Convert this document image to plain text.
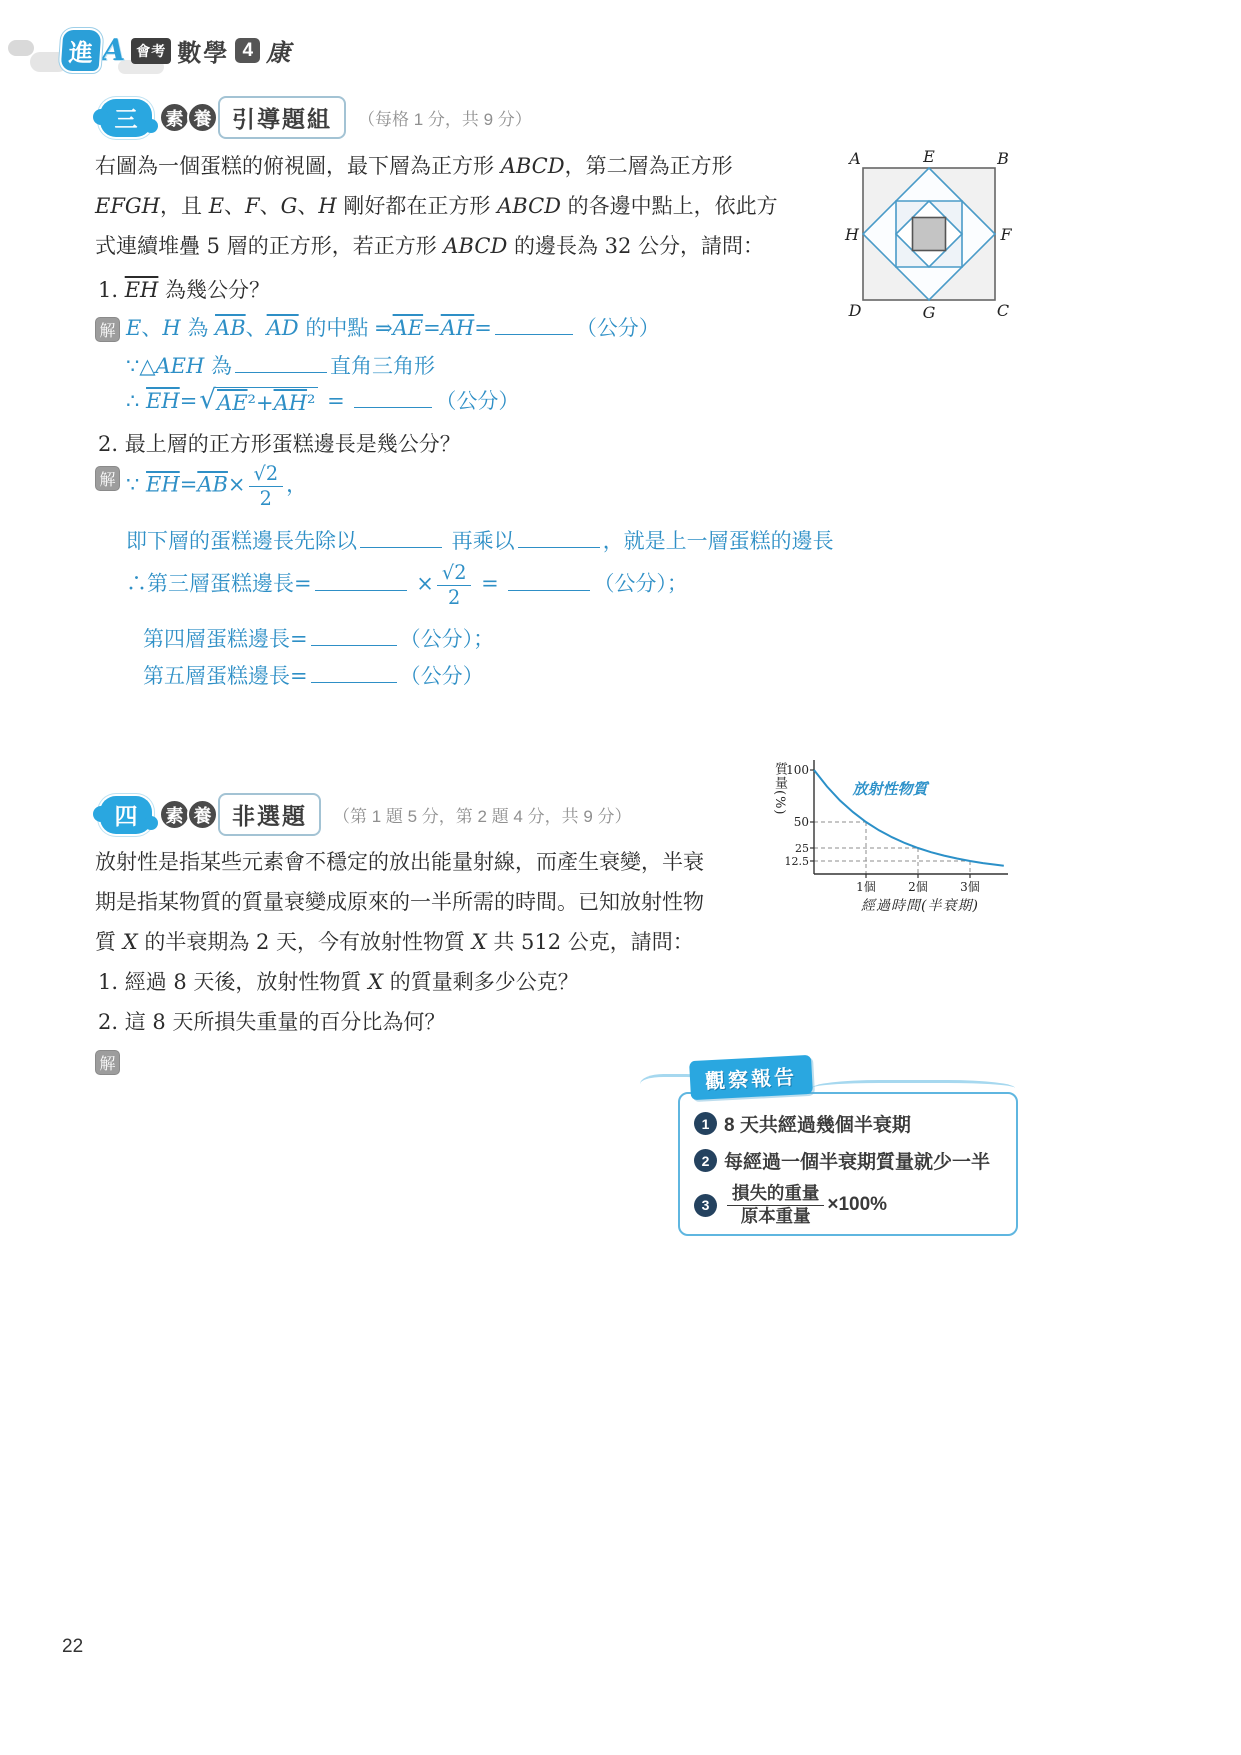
進 A 會考 數學 4 康
三	素 養 引導題組	（每格 1 分，共 9 分）
右圖為一個蛋糕的俯視圖，最下層為正方形 ABCD，第二層為正方形
EFGH，且 E、F、G、H 剛好都在正方形 ABCD 的各邊中點上，依此方
式連續堆疊 5 層的正方形，若正方形 ABCD 的邊長為 32 公分，請問：
A	E	B
H	F
D	G	C
1. $\overline{EH}$ 為幾公分？
解 E、H 為 $\overline{AB}$、$\overline{AD}$ 的中點 $\Rightarrow\overline{AE}=\overline{AH}=$	（公分）
∵△AEH 為	直角三角形
∴ $\overline{EH}=$ √ $AE^2+\overline{AH}^2$ =	（公分）
2. 最上層的正方形蛋糕邊長是幾公分？
解 ∵ $\overline{EH}=\overline{AB}\times \frac{√2}{2}$ ，
即下層的蛋糕邊長先除以	再乘以	，就是上一層蛋糕的邊長
∴第三層蛋糕邊長=	× $\frac{√2}{2}$ =	（公分）；
第四層蛋糕邊長=	（公分）；
第五層蛋糕邊長=	（公分）
四	素 養 非選題	（第 1 題 5 分，第 2 題 4 分，共 9 分）
放射性是指某些元素會不穩定的放出能量射線，而產生衰變，半衰
期是指某物質的質量衰變成原來的一半所需的時間。已知放射性物
質 X 的半衰期為 2 天，今有放射性物質 X 共 512 公克，請問：
1. 經過 8 天後，放射性物質 X 的質量剩多少公克？
2. 這 8 天所損失重量的百分比為何？
解
質量(%)	放射性物質
100
50
25
12.5
1個	2個	3個
經過時間(半衰期)
觀察報告
1 8 天共經過幾個半衰期
2 每經過一個半衰期質量就少一半
3	$\frac{\text{損失的重量}}{\text{原本重量}} \times 100\%$
22
